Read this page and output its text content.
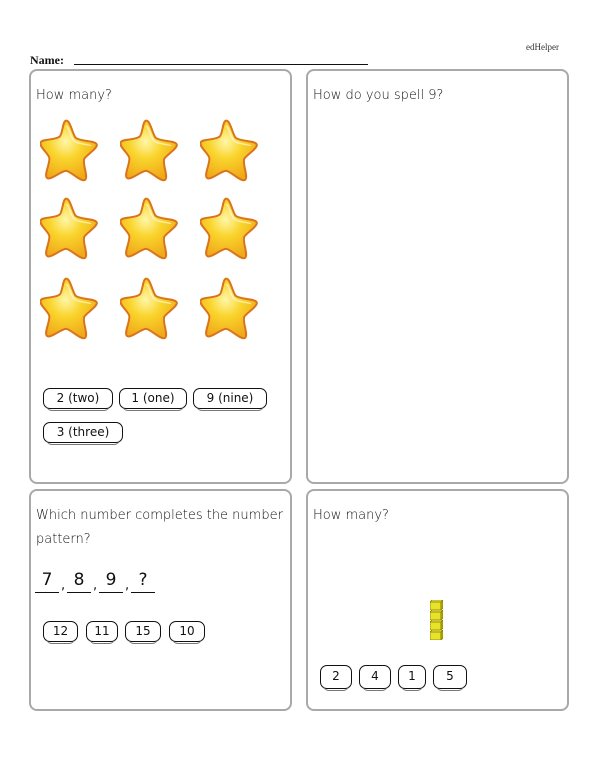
edHelper
Name:
How many?
2 (two)	1 (one)	9 (nine)
3 (three)
How do you spell 9?
Which number completes the number
pattern?
7 , 8 , 9 , ?
12	11	15	10
How many?
2	4	1	5
